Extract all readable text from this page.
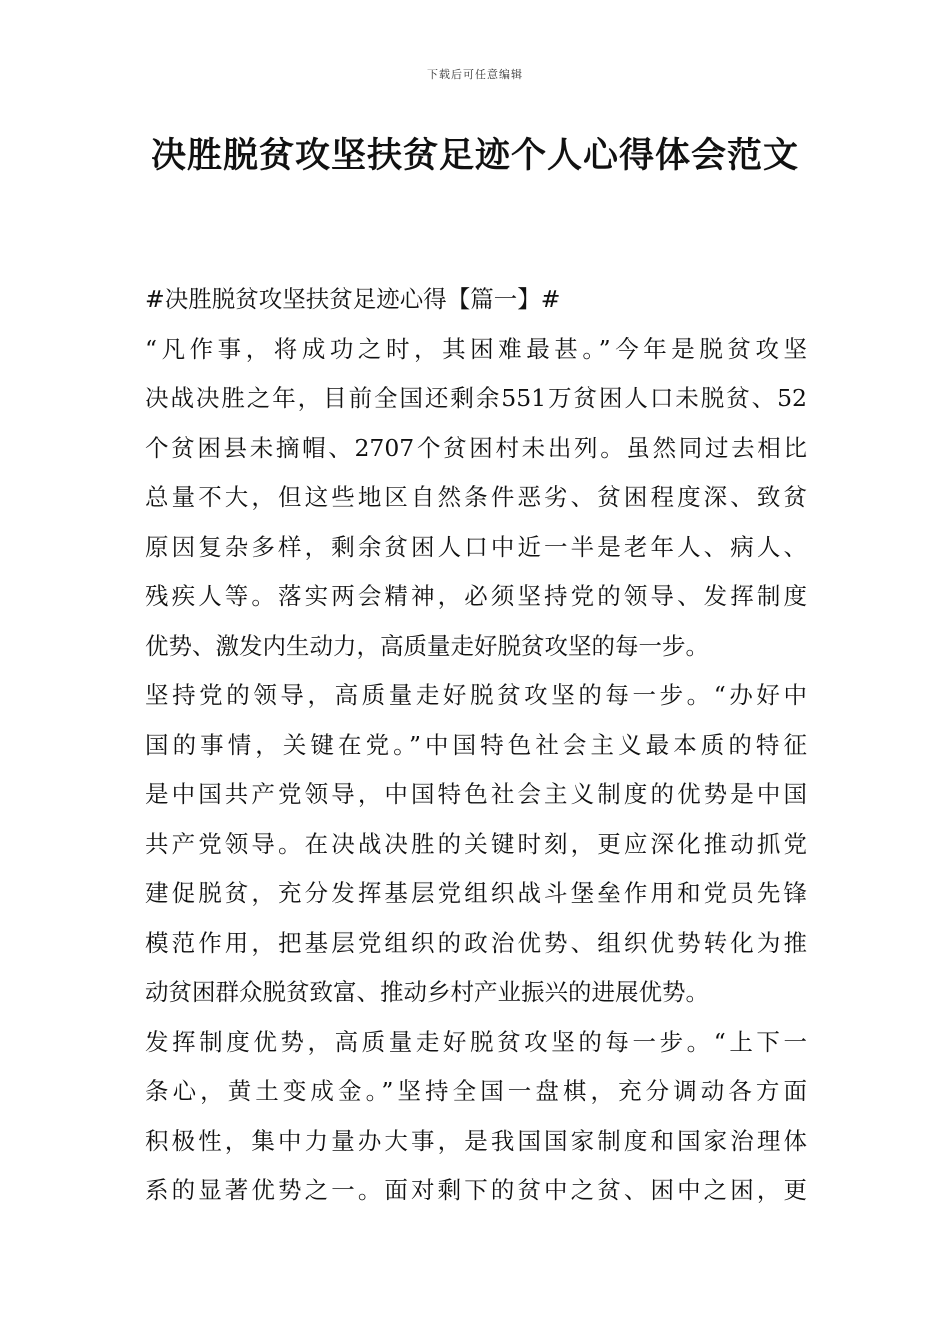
下载后可任意编辑
决胜脱贫攻坚扶贫足迹个人心得体会范文
#决胜脱贫攻坚扶贫足迹心得【篇一】#
“凡作事，将成功之时，其困难最甚。”今年是脱贫攻坚
决战决胜之年，目前全国还剩余551万贫困人口未脱贫、52
个贫困县未摘帽、2707个贫困村未出列。虽然同过去相比
总量不大，但这些地区自然条件恶劣、贫困程度深、致贫
原因复杂多样，剩余贫困人口中近一半是老年人、病人、
残疾人等。落实两会精神，必须坚持党的领导、发挥制度
优势、激发内生动力，高质量走好脱贫攻坚的每一步。
坚持党的领导，高质量走好脱贫攻坚的每一步。“办好中
国的事情，关键在党。”中国特色社会主义最本质的特征
是中国共产党领导，中国特色社会主义制度的优势是中国
共产党领导。在决战决胜的关键时刻，更应深化推动抓党
建促脱贫，充分发挥基层党组织战斗堡垒作用和党员先锋
模范作用，把基层党组织的政治优势、组织优势转化为推
动贫困群众脱贫致富、推动乡村产业振兴的进展优势。
发挥制度优势，高质量走好脱贫攻坚的每一步。“上下一
条心，黄土变成金。”坚持全国一盘棋，充分调动各方面
积极性，集中力量办大事，是我国国家制度和国家治理体
系的显著优势之一。面对剩下的贫中之贫、困中之困，更
